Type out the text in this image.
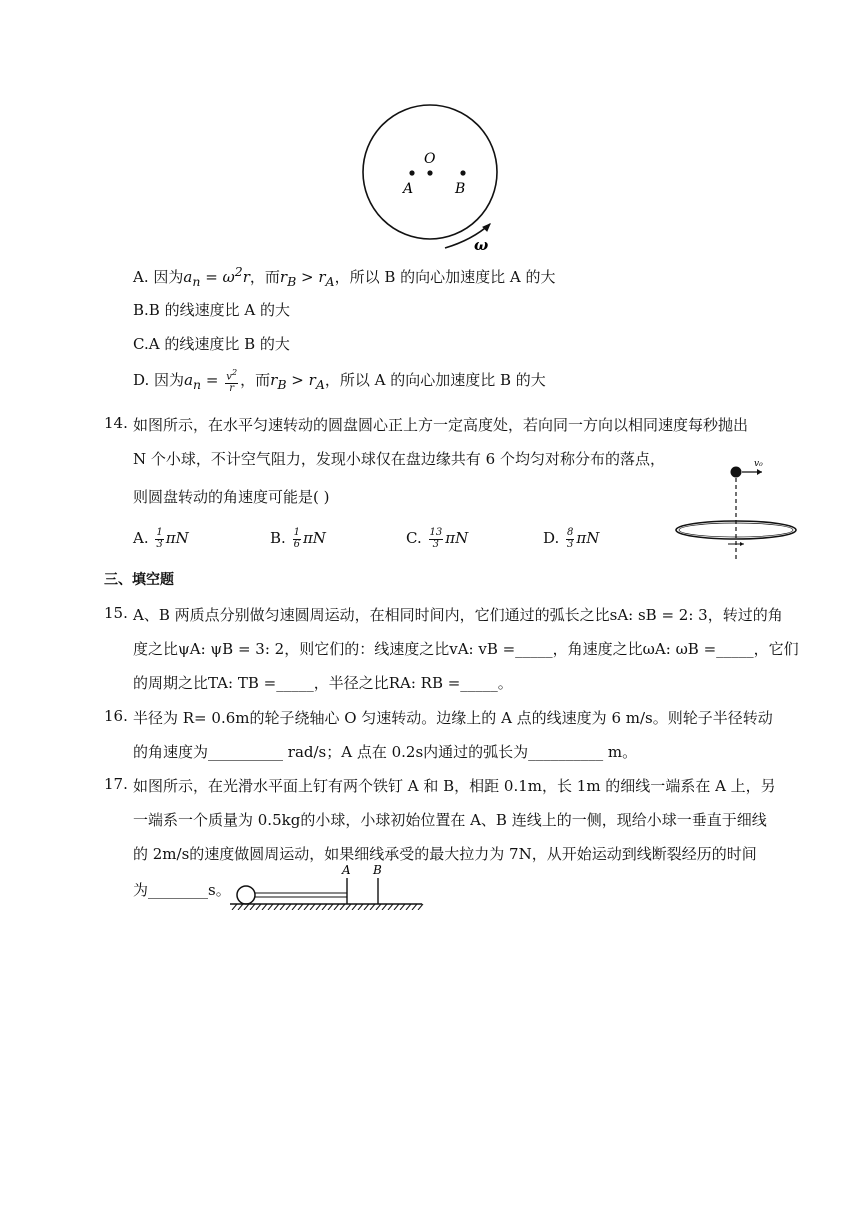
O
A	B
ω
A. 因为$a_n = \omega^2r$，而$r_B > r_A$，所以 B 的向心加速度比 A 的大
B.B 的线速度比 A 的大
C.A 的线速度比 B 的大
D. 因为$a_n = \frac{v^2}{r}$ ，而$r_B > r_A$，所以 A 的向心加速度比 B 的大
14. 如图所示，在水平匀速转动的圆盘圆心正上方一定高度处，若向同一方向以相同速度每秒抛出
N 个小球，不计空气阻力，发现小球仅在盘边缘共有 6 个均匀对称分布的落点，
则圆盘转动的角速度可能是( )
A. $\frac{1}{3}$ πN	B. $\frac{1}{6}$ πN	C. $\frac{13}{3}$ πN	D. $\frac{8}{3}$ πN
v₀
三、填空题
15. A、B 两质点分别做匀速圆周运动，在相同时间内，它们通过的弧长之比sA: sB = 2: 3，转过的角
度之比ψA: ψB = 3: 2，则它们的：线速度之比vA: vB =_____，角速度之比ωA: ωB =_____，它们
的周期之比TA: TB =_____，半径之比RA: RB =_____。
16. 半径为 R= 0.6m的轮子绕轴心 O 匀速转动。边缘上的 A 点的线速度为 6 m/s。则轮子半径转动
的角速度为__________ rad/s；A 点在 0.2s内通过的弧长为__________ m。
17. 如图所示，在光滑水平面上钉有两个铁钉 A 和 B，相距 0.1m，长 1m 的细线一端系在 A 上，另
一端系一个质量为 0.5kg的小球，小球初始位置在 A、B 连线上的一侧，现给小球一垂直于细线
的 2m/s的速度做圆周运动，如果细线承受的最大拉力为 7N，从开始运动到线断裂经历的时间
为________s。
A B
